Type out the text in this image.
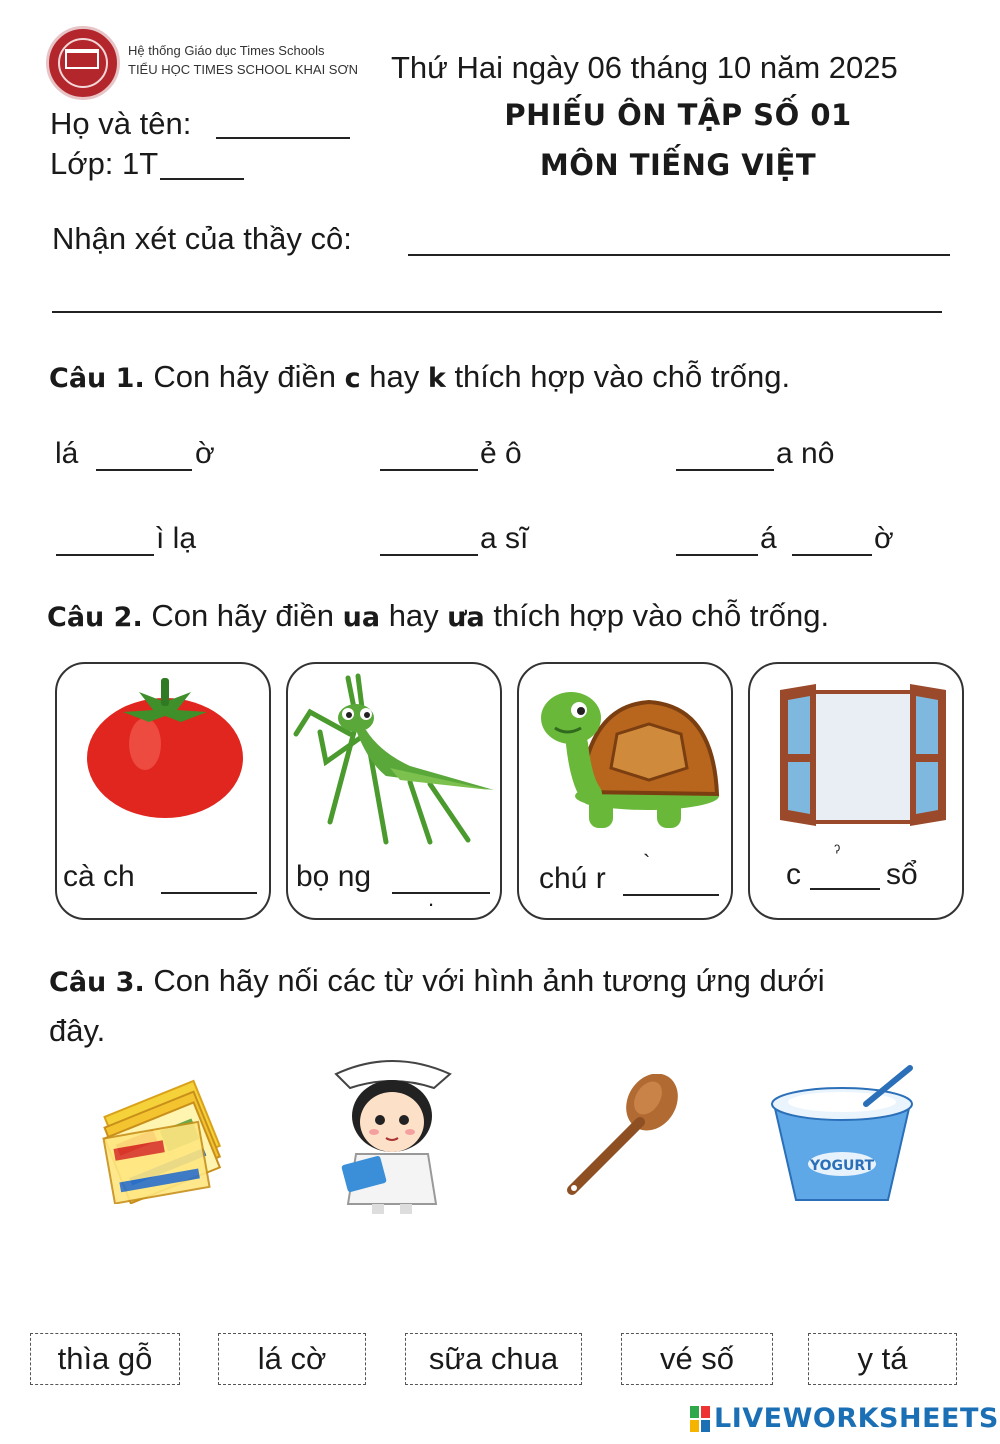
Hệ thống Giáo dục Times Schools
TIỂU HỌC TIMES SCHOOL KHAI SƠN Thứ Hai ngày 06 tháng 10 năm 2025
PHIẾU ÔN TẬP SỐ 01
MÔN TIẾNG VIỆT
Họ và tên:
Lớp: 1T
Nhận xét của thầy cô:
Câu 1. Con hãy điền c hay k thích hợp vào chỗ trống.
lá	ờ	ẻ ô	a nô
ì lạ	a sĩ	á	ờ
Câu 2. Con hãy điền ua hay ưa thích hợp vào chỗ trống.
cà ch	bọ ng
.
chú r `	c	sổ
ˀ
Câu 3. Con hãy nối các từ với hình ảnh tương ứng dưới
đây.
YOGURT
thìa gỗ	lá cờ	sữa chua	vé số	y tá
LIVEWORKSHEETS
